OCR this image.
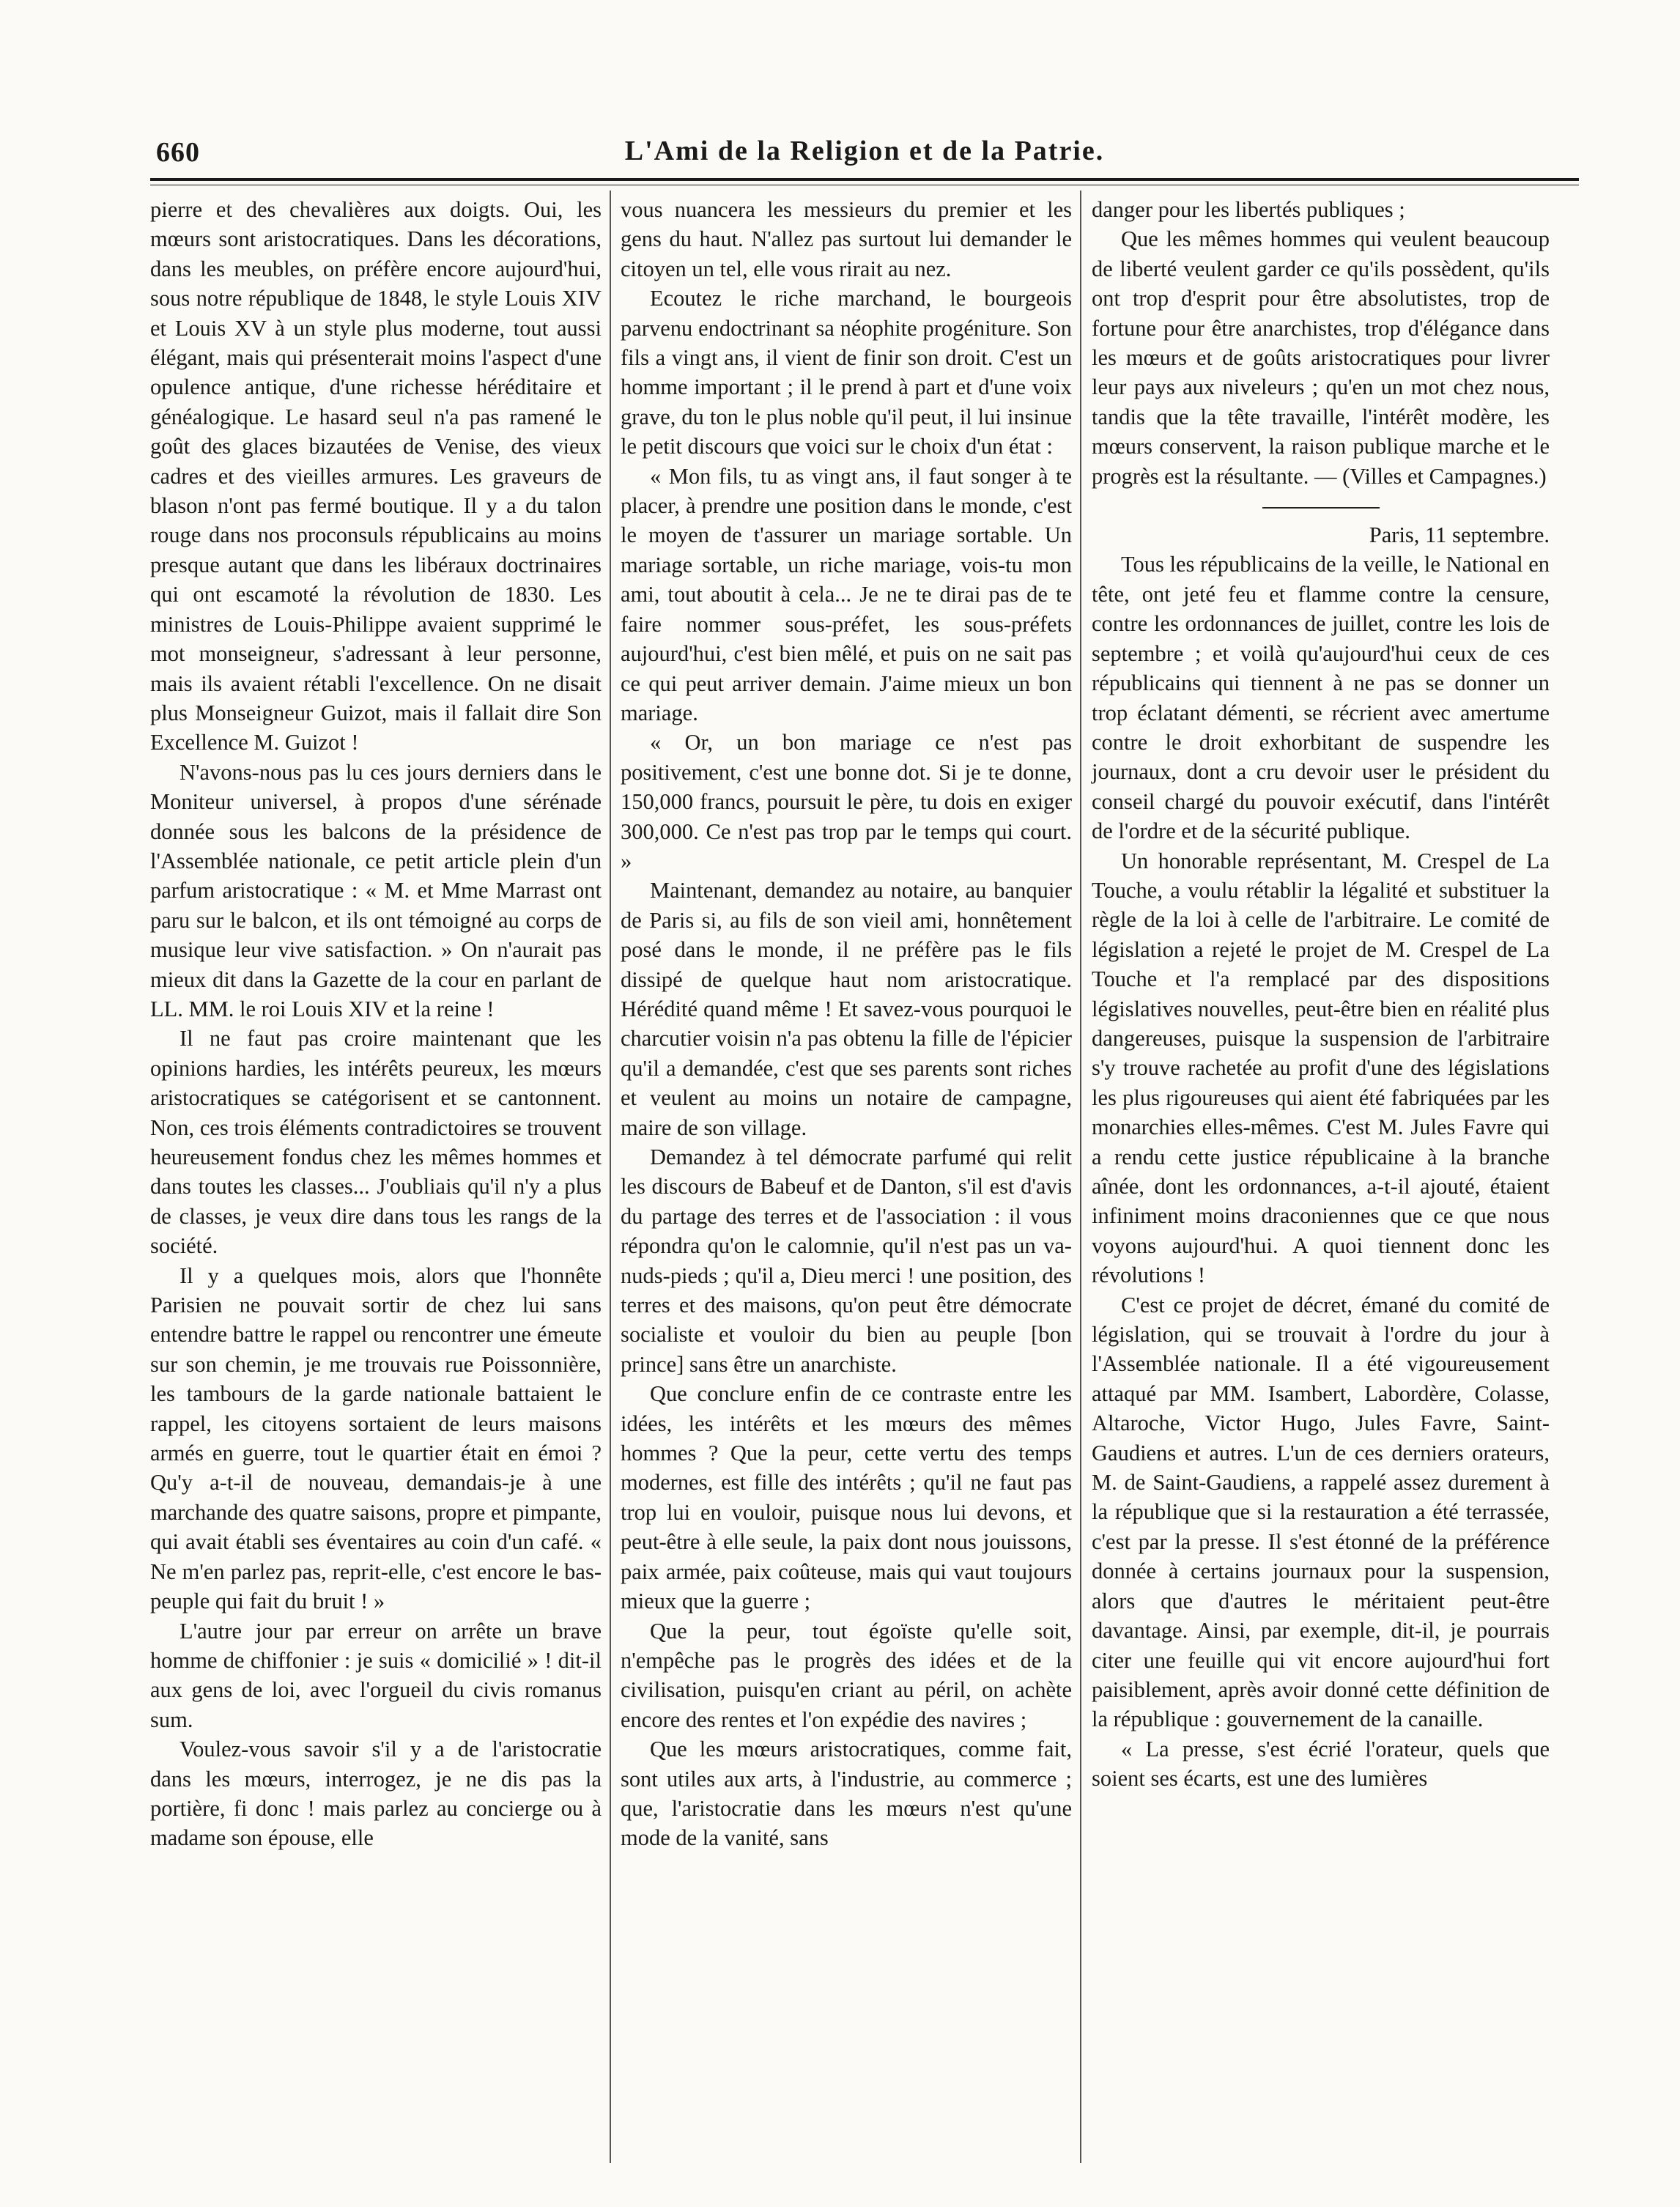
660	L'Ami de la Religion et de la Patrie.

pierre et des chevalières aux doigts. Oui, les mœurs sont aristocratiques. Dans les décorations, dans les meubles, on préfère encore aujourd'hui, sous notre république de 1848, le style Louis XIV et Louis XV à un style plus moderne, tout aussi élégant, mais qui présenterait moins l'aspect d'une opulence antique, d'une richesse héréditaire et généalogique. Le hasard seul n'a pas ramené le goût des glaces bizautées de Venise, des vieux cadres et des vieilles armures. Les graveurs de blason n'ont pas fermé boutique. Il y a du talon rouge dans nos proconsuls républicains au moins presque autant que dans les libéraux doctrinaires qui ont escamoté la révolution de 1830. Les ministres de Louis-Philippe avaient supprimé le mot monseigneur, s'adressant à leur personne, mais ils avaient rétabli l'excellence. On ne disait plus Monseigneur Guizot, mais il fallait dire Son Excellence M. Guizot !

N'avons-nous pas lu ces jours derniers dans le Moniteur universel, à propos d'une sérénade donnée sous les balcons de la présidence de l'Assemblée nationale, ce petit article plein d'un parfum aristocratique : « M. et Mme Marrast ont paru sur le balcon, et ils ont témoigné au corps de musique leur vive satisfaction. » On n'aurait pas mieux dit dans la Gazette de la cour en parlant de LL. MM. le roi Louis XIV et la reine !

Il ne faut pas croire maintenant que les opinions hardies, les intérêts peureux, les mœurs aristocratiques se catégorisent et se cantonnent. Non, ces trois éléments contradictoires se trouvent heureusement fondus chez les mêmes hommes et dans toutes les classes... J'oubliais qu'il n'y a plus de classes, je veux dire dans tous les rangs de la société.

Il y a quelques mois, alors que l'honnête Parisien ne pouvait sortir de chez lui sans entendre battre le rappel ou rencontrer une émeute sur son chemin, je me trouvais rue Poissonnière, les tambours de la garde nationale battaient le rappel, les citoyens sortaient de leurs maisons armés en guerre, tout le quartier était en émoi ? Qu'y a-t-il de nouveau, demandais-je à une marchande des quatre saisons, propre et pimpante, qui avait établi ses éventaires au coin d'un café. « Ne m'en parlez pas, reprit-elle, c'est encore le bas-peuple qui fait du bruit ! »

L'autre jour par erreur on arrête un brave homme de chiffonier : je suis « domicilié » ! dit-il aux gens de loi, avec l'orgueil du civis romanus sum.

Voulez-vous savoir s'il y a de l'aristocratie dans les mœurs, interrogez, je ne dis pas la portière, fi donc ! mais parlez au concierge ou à madame son épouse, elle

vous nuancera les messieurs du premier et les gens du haut. N'allez pas surtout lui demander le citoyen un tel, elle vous rirait au nez.

Ecoutez le riche marchand, le bourgeois parvenu endoctrinant sa néophite progéniture. Son fils a vingt ans, il vient de finir son droit. C'est un homme important ; il le prend à part et d'une voix grave, du ton le plus noble qu'il peut, il lui insinue le petit discours que voici sur le choix d'un état :

« Mon fils, tu as vingt ans, il faut songer à te placer, à prendre une position dans le monde, c'est le moyen de t'assurer un mariage sortable. Un mariage sortable, un riche mariage, vois-tu mon ami, tout aboutit à cela... Je ne te dirai pas de te faire nommer sous-préfet, les sous-préfets aujourd'hui, c'est bien mêlé, et puis on ne sait pas ce qui peut arriver demain. J'aime mieux un bon mariage.

« Or, un bon mariage ce n'est pas positivement, c'est une bonne dot. Si je te donne, 150,000 francs, poursuit le père, tu dois en exiger 300,000. Ce n'est pas trop par le temps qui court. »

Maintenant, demandez au notaire, au banquier de Paris si, au fils de son vieil ami, honnêtement posé dans le monde, il ne préfère pas le fils dissipé de quelque haut nom aristocratique. Hérédité quand même ! Et savez-vous pourquoi le charcutier voisin n'a pas obtenu la fille de l'épicier qu'il a demandée, c'est que ses parents sont riches et veulent au moins un notaire de campagne, maire de son village.

Demandez à tel démocrate parfumé qui relit les discours de Babeuf et de Danton, s'il est d'avis du partage des terres et de l'association : il vous répondra qu'on le calomnie, qu'il n'est pas un va-nuds-pieds ; qu'il a, Dieu merci ! une position, des terres et des maisons, qu'on peut être démocrate socialiste et vouloir du bien au peuple [bon prince] sans être un anarchiste.

Que conclure enfin de ce contraste entre les idées, les intérêts et les mœurs des mêmes hommes ? Que la peur, cette vertu des temps modernes, est fille des intérêts ; qu'il ne faut pas trop lui en vouloir, puisque nous lui devons, et peut-être à elle seule, la paix dont nous jouissons, paix armée, paix coûteuse, mais qui vaut toujours mieux que la guerre ;

Que la peur, tout égoïste qu'elle soit, n'empêche pas le progrès des idées et de la civilisation, puisqu'en criant au péril, on achète encore des rentes et l'on expédie des navires ;

Que les mœurs aristocratiques, comme fait, sont utiles aux arts, à l'industrie, au commerce ; que, l'aristocratie dans les mœurs n'est qu'une mode de la vanité, sans

danger pour les libertés publiques ;

Que les mêmes hommes qui veulent beaucoup de liberté veulent garder ce qu'ils possèdent, qu'ils ont trop d'esprit pour être absolutistes, trop de fortune pour être anarchistes, trop d'élégance dans les mœurs et de goûts aristocratiques pour livrer leur pays aux niveleurs ; qu'en un mot chez nous, tandis que la tête travaille, l'intérêt modère, les mœurs conservent, la raison publique marche et le progrès est la résultante. — (Villes et Campagnes.)

Paris, 11 septembre.

Tous les républicains de la veille, le National en tête, ont jeté feu et flamme contre la censure, contre les ordonnances de juillet, contre les lois de septembre ; et voilà qu'aujourd'hui ceux de ces républicains qui tiennent à ne pas se donner un trop éclatant démenti, se récrient avec amertume contre le droit exhorbitant de suspendre les journaux, dont a cru devoir user le président du conseil chargé du pouvoir exécutif, dans l'intérêt de l'ordre et de la sécurité publique.

Un honorable représentant, M. Crespel de La Touche, a voulu rétablir la légalité et substituer la règle de la loi à celle de l'arbitraire. Le comité de législation a rejeté le projet de M. Crespel de La Touche et l'a remplacé par des dispositions législatives nouvelles, peut-être bien en réalité plus dangereuses, puisque la suspension de l'arbitraire s'y trouve rachetée au profit d'une des législations les plus rigoureuses qui aient été fabriquées par les monarchies elles-mêmes. C'est M. Jules Favre qui a rendu cette justice républicaine à la branche aînée, dont les ordonnances, a-t-il ajouté, étaient infiniment moins draconiennes que ce que nous voyons aujourd'hui. A quoi tiennent donc les révolutions !

C'est ce projet de décret, émané du comité de législation, qui se trouvait à l'ordre du jour à l'Assemblée nationale. Il a été vigoureusement attaqué par MM. Isambert, Labordère, Colasse, Altaroche, Victor Hugo, Jules Favre, Saint-Gaudiens et autres. L'un de ces derniers orateurs, M. de Saint-Gaudiens, a rappelé assez durement à la république que si la restauration a été terrassée, c'est par la presse. Il s'est étonné de la préférence donnée à certains journaux pour la suspension, alors que d'autres le méritaient peut-être davantage. Ainsi, par exemple, dit-il, je pourrais citer une feuille qui vit encore aujourd'hui fort paisiblement, après avoir donné cette définition de la république : gouvernement de la canaille.

« La presse, s'est écrié l'orateur, quels que soient ses écarts, est une des lumières
